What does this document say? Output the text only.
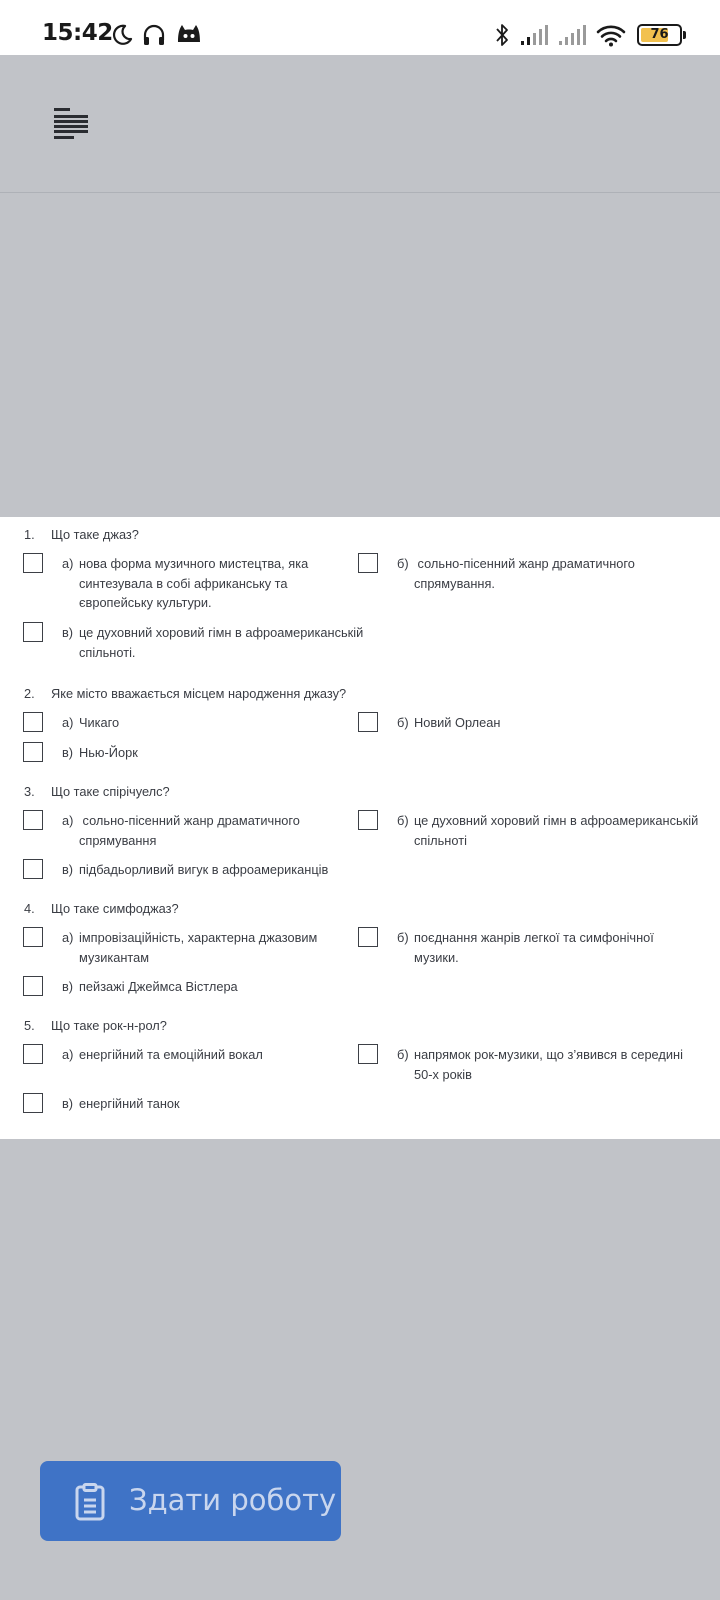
15:42	76
1. Що таке джаз?
а) нова форма музичного мистецтва, яка
синтезувала в собі африканську та
європейську культури.
б) сольно-пісенний жанр драматичного
спрямування.
в) це духовний хоровий гімн в афроамериканській
спільноті.
2. Яке місто вважається місцем народження джазу?
а) Чикаго	б) Новий Орлеан
в) Нью-Йорк
3. Що таке спірічуелс?
а) сольно-пісенний жанр драматичного
спрямування
б) це духовний хоровий гімн в афроамериканській
спільноті
в) підбадьорливий вигук в афроамериканців
4. Що таке симфоджаз?
а) імпровізаційність, характерна джазовим
музикантам
б) поєднання жанрів легкої та симфонічної
музики.
в) пейзажі Джеймса Вістлера
5. Що таке рок-н-рол?
а) енергійний та емоційний вокал	б) напрямок рок-музики, що з’явився в середині
50-х років
в) енергійний танок
Здати роботу
